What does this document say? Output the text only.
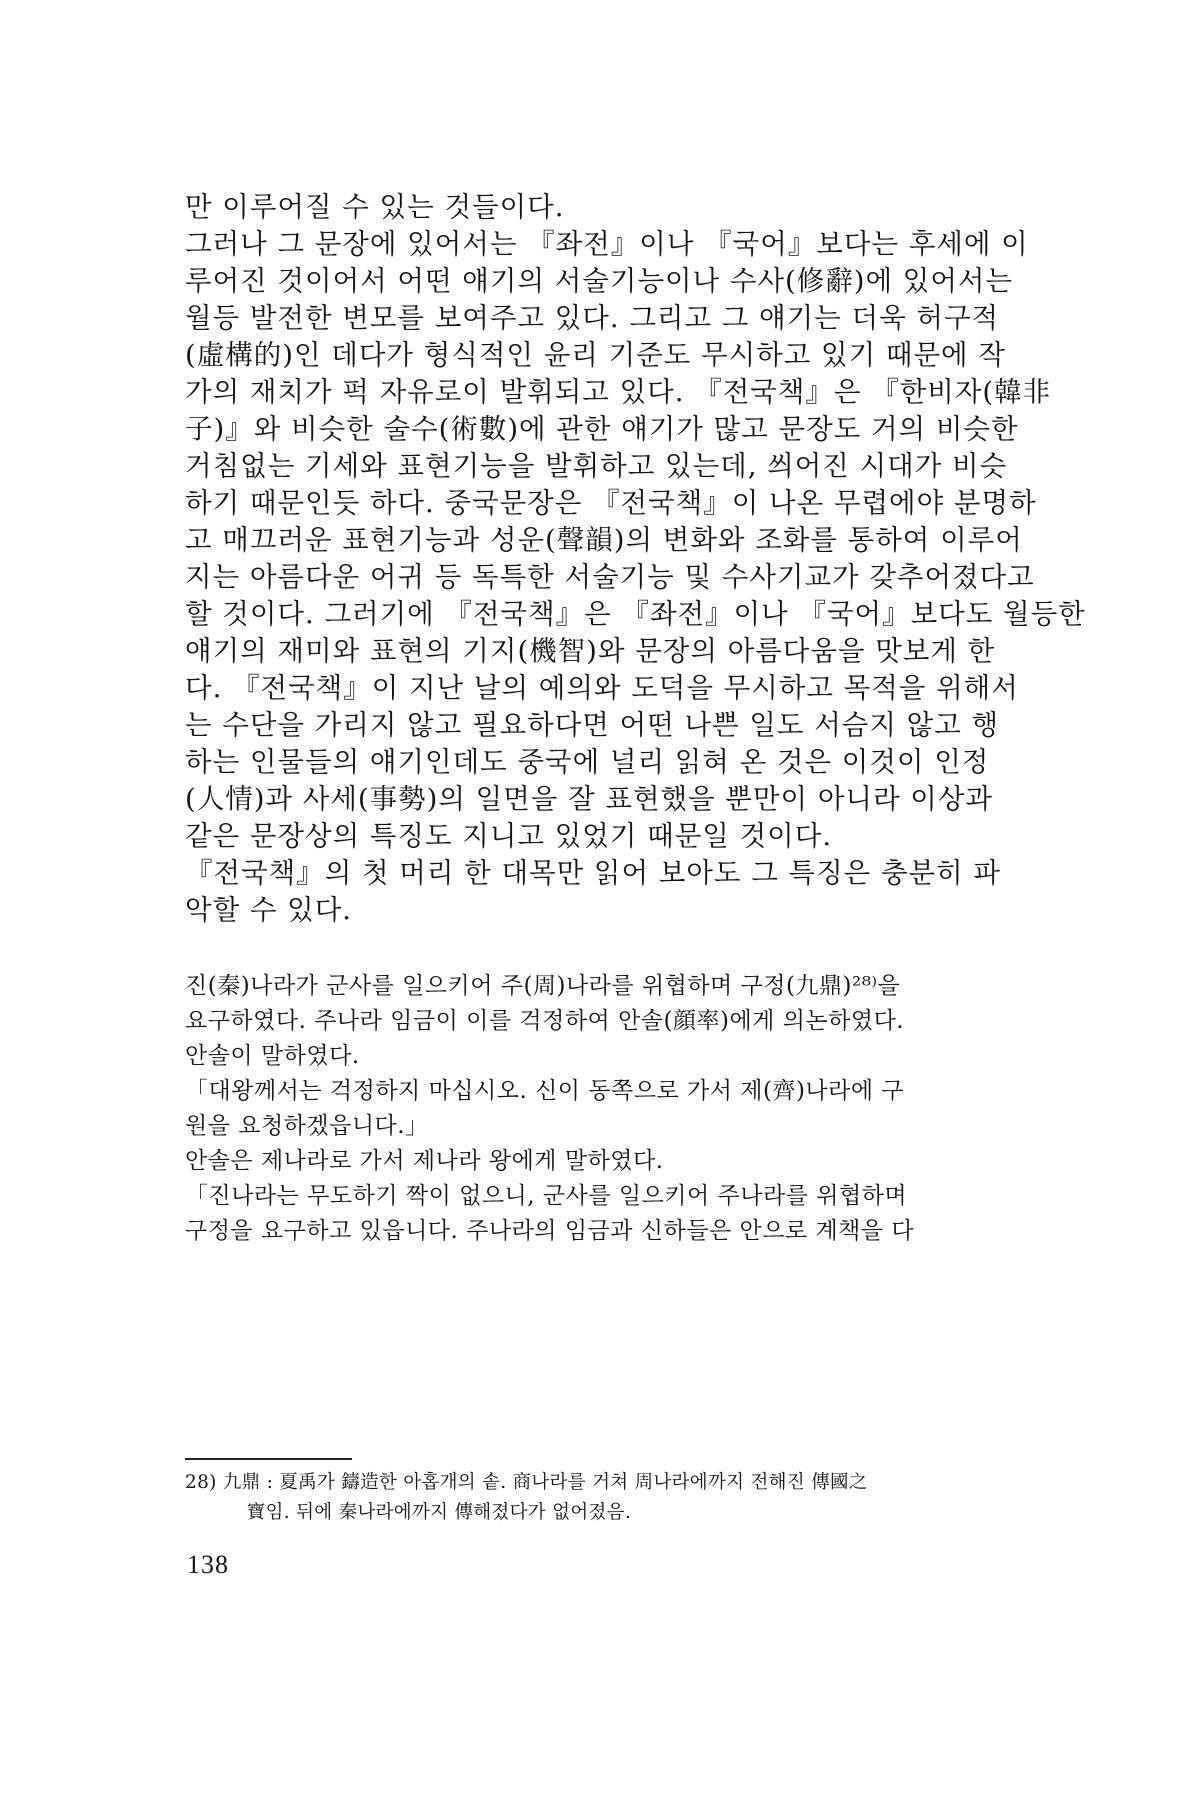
만 이루어질 수 있는 것들이다.
그러나 그 문장에 있어서는 『좌전』이나 『국어』보다는 후세에 이
루어진 것이어서 어떤 얘기의 서술기능이나 수사(修辭)에 있어서는
월등 발전한 변모를 보여주고 있다. 그리고 그 얘기는 더욱 허구적
(虛構的)인 데다가 형식적인 윤리 기준도 무시하고 있기 때문에 작
가의 재치가 퍽 자유로이 발휘되고 있다. 『전국책』은 『한비자(韓非
子)』와 비슷한 술수(術數)에 관한 얘기가 많고 문장도 거의 비슷한
거침없는 기세와 표현기능을 발휘하고 있는데, 씌어진 시대가 비슷
하기 때문인듯 하다. 중국문장은 『전국책』이 나온 무렵에야 분명하
고 매끄러운 표현기능과 성운(聲韻)의 변화와 조화를 통하여 이루어
지는 아름다운 어귀 등 독특한 서술기능 및 수사기교가 갖추어졌다고
할 것이다. 그러기에 『전국책』은 『좌전』이나 『국어』보다도 월등한
얘기의 재미와 표현의 기지(機智)와 문장의 아름다움을 맛보게 한
다. 『전국책』이 지난 날의 예의와 도덕을 무시하고 목적을 위해서
는 수단을 가리지 않고 필요하다면 어떤 나쁜 일도 서슴지 않고 행
하는 인물들의 얘기인데도 중국에 널리 읽혀 온 것은 이것이 인정
(人情)과 사세(事勢)의 일면을 잘 표현했을 뿐만이 아니라 이상과
같은 문장상의 특징도 지니고 있었기 때문일 것이다.
『전국책』의 첫 머리 한 대목만 읽어 보아도 그 특징은 충분히 파
악할 수 있다.
진(秦)나라가 군사를 일으키어 주(周)나라를 위협하며 구정(九鼎)²⁸⁾을
요구하였다. 주나라 임금이 이를 걱정하여 안솔(顔率)에게 의논하였다.
안솔이 말하였다.
「대왕께서는 걱정하지 마십시오. 신이 동쪽으로 가서 제(齊)나라에 구
원을 요청하겠읍니다.」
안솔은 제나라로 가서 제나라 왕에게 말하였다.
「진나라는 무도하기 짝이 없으니, 군사를 일으키어 주나라를 위협하며
구정을 요구하고 있읍니다. 주나라의 임금과 신하들은 안으로 계책을 다
28) 九鼎 : 夏禹가 鑄造한 아홉개의 솥. 商나라를 거쳐 周나라에까지 전해진 傳國之
寶임. 뒤에 秦나라에까지 傳해졌다가 없어졌음.
138
